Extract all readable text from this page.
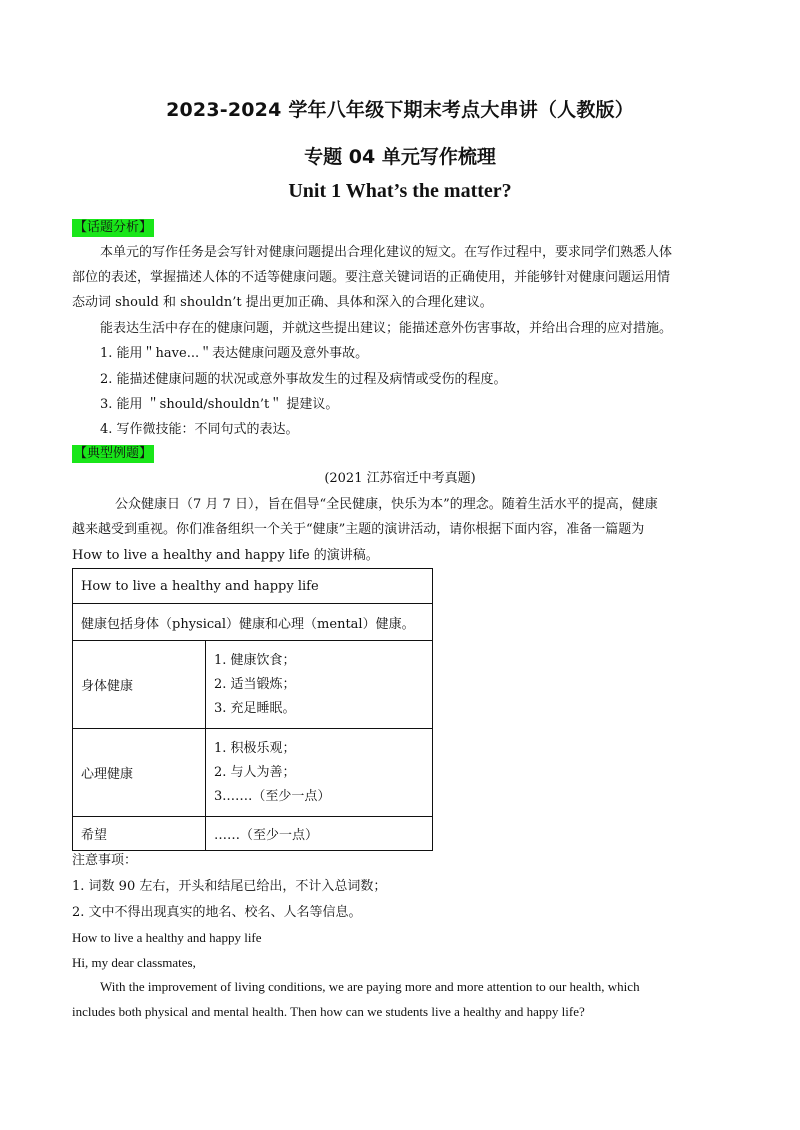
2023-2024 学年八年级下期末考点大串讲（人教版）
专题 04 单元写作梳理
Unit 1 What’s the matter?
【话题分析】
本单元的写作任务是会写针对健康问题提出合理化建议的短文。在写作过程中，要求同学们熟悉人体
部位的表述，掌握描述人体的不适等健康问题。要注意关键词语的正确使用，并能够针对健康问题运用情
态动词 should 和 shouldn’t 提出更加正确、具体和深入的合理化建议。
能表达生活中存在的健康问题，并就这些提出建议；能描述意外伤害事故，并给出合理的应对措施。
1. 能用＂have...＂表达健康问题及意外事故。
2. 能描述健康问题的状况或意外事故发生的过程及病情或受伤的程度。
3. 能用 ＂should/shouldn’t＂ 提建议。
4. 写作微技能：不同句式的表达。
【典型例题】
(2021 江苏宿迁中考真题)
公众健康日（7 月 7 日），旨在倡导“全民健康，快乐为本”的理念。随着生活水平的提高，健康
越来越受到重视。你们准备组织一个关于“健康”主题的演讲活动，请你根据下面内容，准备一篇题为
How to live a healthy and happy life 的演讲稿。
How to live a healthy and happy life	
健康包括身体（physical）健康和心理（mental）健康。	
身体健康	1. 健康饮食；
2. 适当锻炼；
3. 充足睡眠。

心理健康	1. 积极乐观；
2. 与人为善；
3.……（至少一点）

希望	……（至少一点）
注意事项：
1. 词数 90 左右，开头和结尾已给出，不计入总词数；
2. 文中不得出现真实的地名、校名、人名等信息。
How to live a healthy and happy life
Hi, my dear classmates,
With the improvement of living conditions, we are paying more and more attention to our health, which
includes both physical and mental health. Then how can we students live a healthy and happy life?
